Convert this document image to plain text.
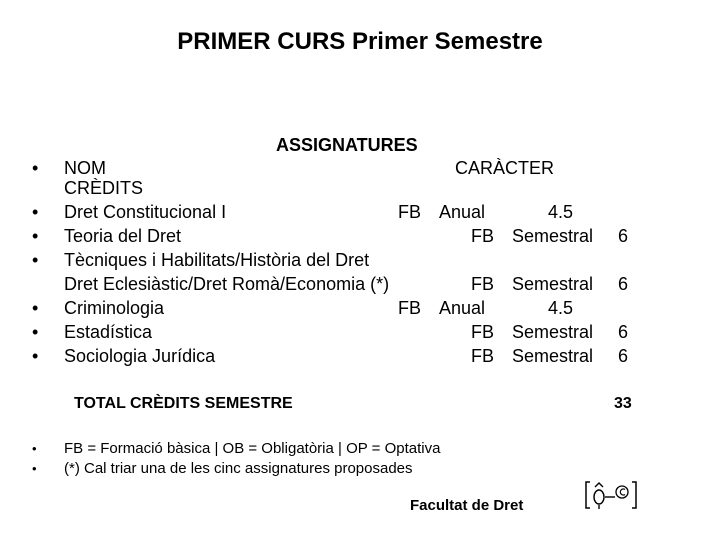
PRIMER CURS Primer Semestre
ASSIGNATURES
• NOM	CARÀCTER
CRÈDITS
• Dret Constitucional I	FB Anual	4.5
• Teoria del Dret	FB Semestral 6
• Tècniques i Habilitats/Història del Dret
Dret Eclesiàstic/Dret Romà/Economia (*)	FB Semestral 6
• Criminologia	FB Anual	4.5
• Estadística	FB Semestral 6
• Sociologia Jurídica	FB Semestral 6
TOTAL CRÈDITS SEMESTRE	33
• FB = Formació bàsica | OB = Obligatòria | OP = Optativa
• (*) Cal triar una de les cinc assignatures proposades
Facultat de Dret
